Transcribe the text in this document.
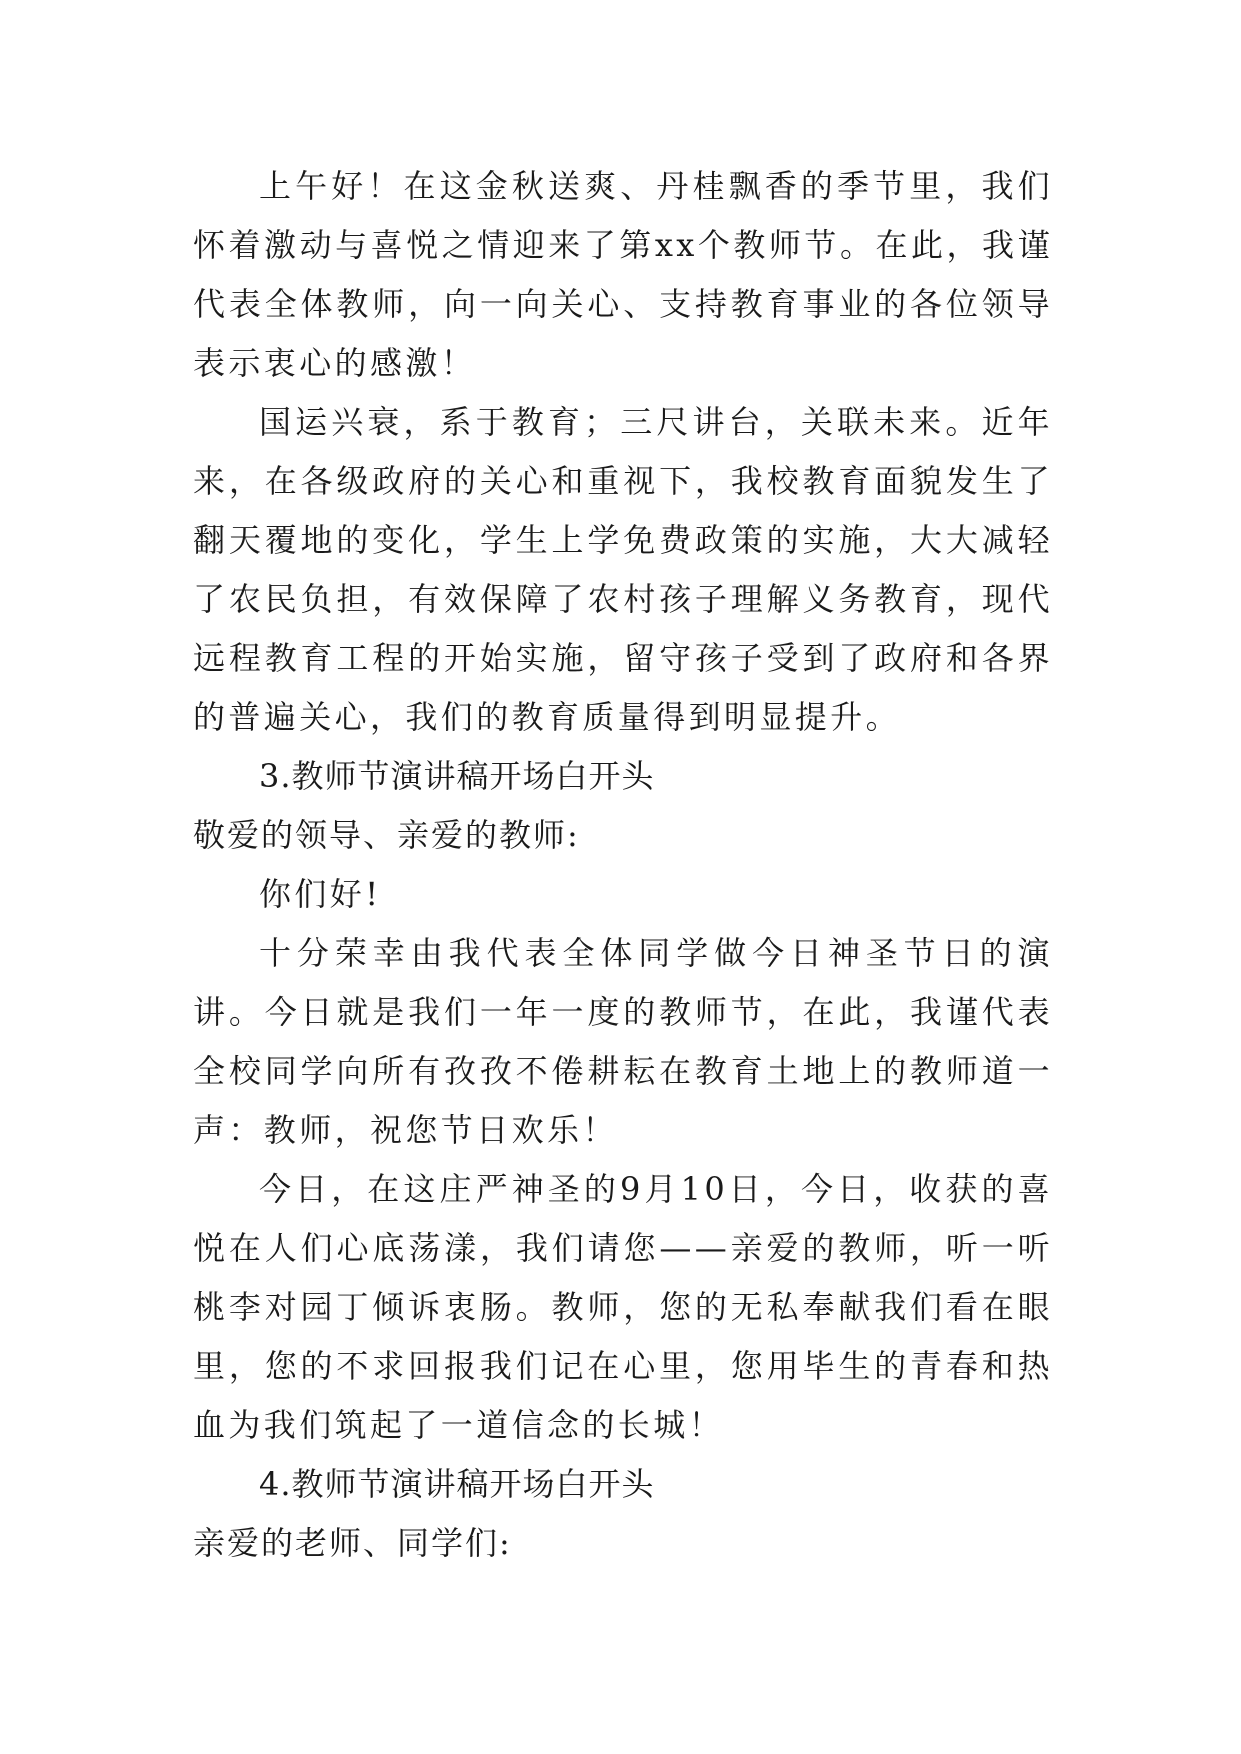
上午好！在这金秋送爽、丹桂飘香的季节里，我们怀着激动与喜悦之情迎来了第xx个教师节。在此，我谨代表全体教师，向一向关心、支持教育事业的各位领导表示衷心的感激！

国运兴衰，系于教育；三尺讲台，关联未来。近年来，在各级政府的关心和重视下，我校教育面貌发生了翻天覆地的变化，学生上学免费政策的实施，大大减轻了农民负担，有效保障了农村孩子理解义务教育，现代远程教育工程的开始实施，留守孩子受到了政府和各界的普遍关心，我们的教育质量得到明显提升。

3.教师节演讲稿开场白开头

敬爱的领导、亲爱的教师:

你们好!

十分荣幸由我代表全体同学做今日神圣节日的演讲。今日就是我们一年一度的教师节，在此，我谨代表全校同学向所有孜孜不倦耕耘在教育土地上的教师道一声：教师，祝您节日欢乐！

今日，在这庄严神圣的9月10日，今日，收获的喜悦在人们心底荡漾，我们请您——亲爱的教师，听一听桃李对园丁倾诉衷肠。教师，您的无私奉献我们看在眼里，您的不求回报我们记在心里，您用毕生的青春和热血为我们筑起了一道信念的长城！

4.教师节演讲稿开场白开头

亲爱的老师、同学们:
